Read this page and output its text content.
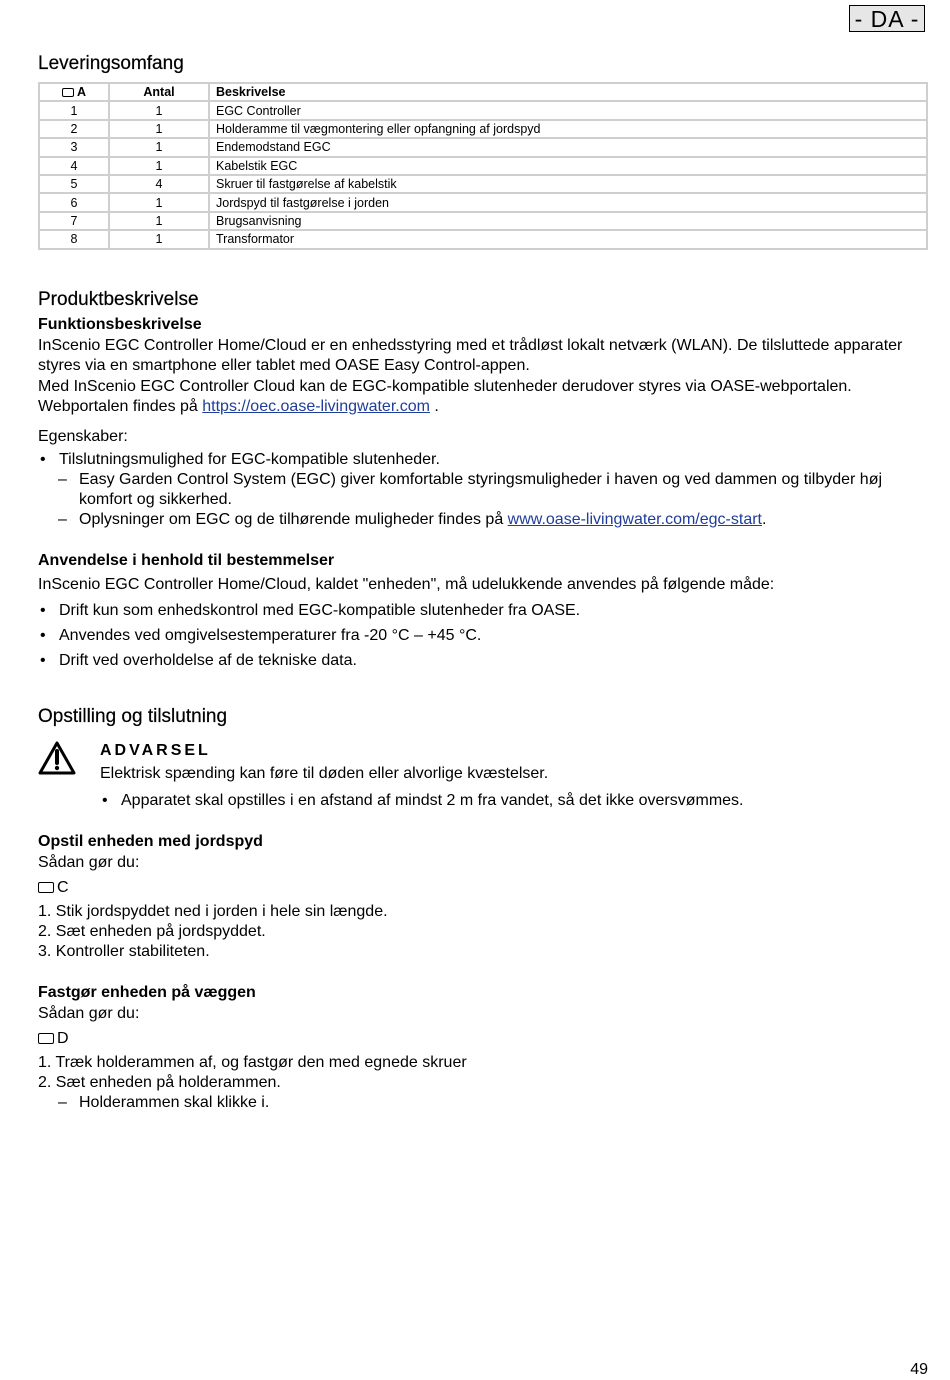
- DA -
Leveringsomfang
A	Antal	Beskrivelse
1	1	EGC Controller
2	1	Holderamme til vægmontering eller opfangning af jordspyd
3	1	Endemodstand EGC
4	1	Kabelstik EGC
5	4	Skruer til fastgørelse af kabelstik
6	1	Jordspyd til fastgørelse i jorden
7	1	Brugsanvisning
8	1	Transformator
Produktbeskrivelse
Funktionsbeskrivelse

InScenio EGC Controller Home/Cloud er en enhedsstyring med et trådløst lokalt netværk (WLAN). De tilsluttede apparater styres via en smartphone eller tablet med OASE Easy Control-appen.

Med InScenio EGC Controller Cloud kan de EGC-kompatible slutenheder derudover styres via OASE-webportalen.
Webportalen findes på https://oec.oase-livingwater.com .

Egenskaber:

• Tilslutningsmulighed for EGC-kompatible slutenheder.
– Easy Garden Control System (EGC) giver komfortable styringsmuligheder i haven og ved dammen og tilbyder høj komfort og sikkerhed.
– Oplysninger om EGC og de tilhørende muligheder findes på www.oase-livingwater.com/egc-start.
Anvendelse i henhold til bestemmelser

InScenio EGC Controller Home/Cloud, kaldet "enheden", må udelukkende anvendes på følgende måde:

• Drift kun som enhedskontrol med EGC-kompatible slutenheder fra OASE.
• Anvendes ved omgivelsestemperaturer fra -20 °C – +45 °C.
• Drift ved overholdelse af de tekniske data.
Opstilling og tilslutning
ADVARSEL

Elektrisk spænding kan føre til døden eller alvorlige kvæstelser.

• Apparatet skal opstilles i en afstand af mindst 2 m fra vandet, så det ikke oversvømmes.
Opstil enheden med jordspyd

Sådan gør du:

C

1. Stik jordspyddet ned i jorden i hele sin længde.
2. Sæt enheden på jordspyddet.
3. Kontroller stabiliteten.
Fastgør enheden på væggen

Sådan gør du:

D

1. Træk holderammen af, og fastgør den med egnede skruer
2. Sæt enheden på holderammen.
– Holderammen skal klikke i.
49
